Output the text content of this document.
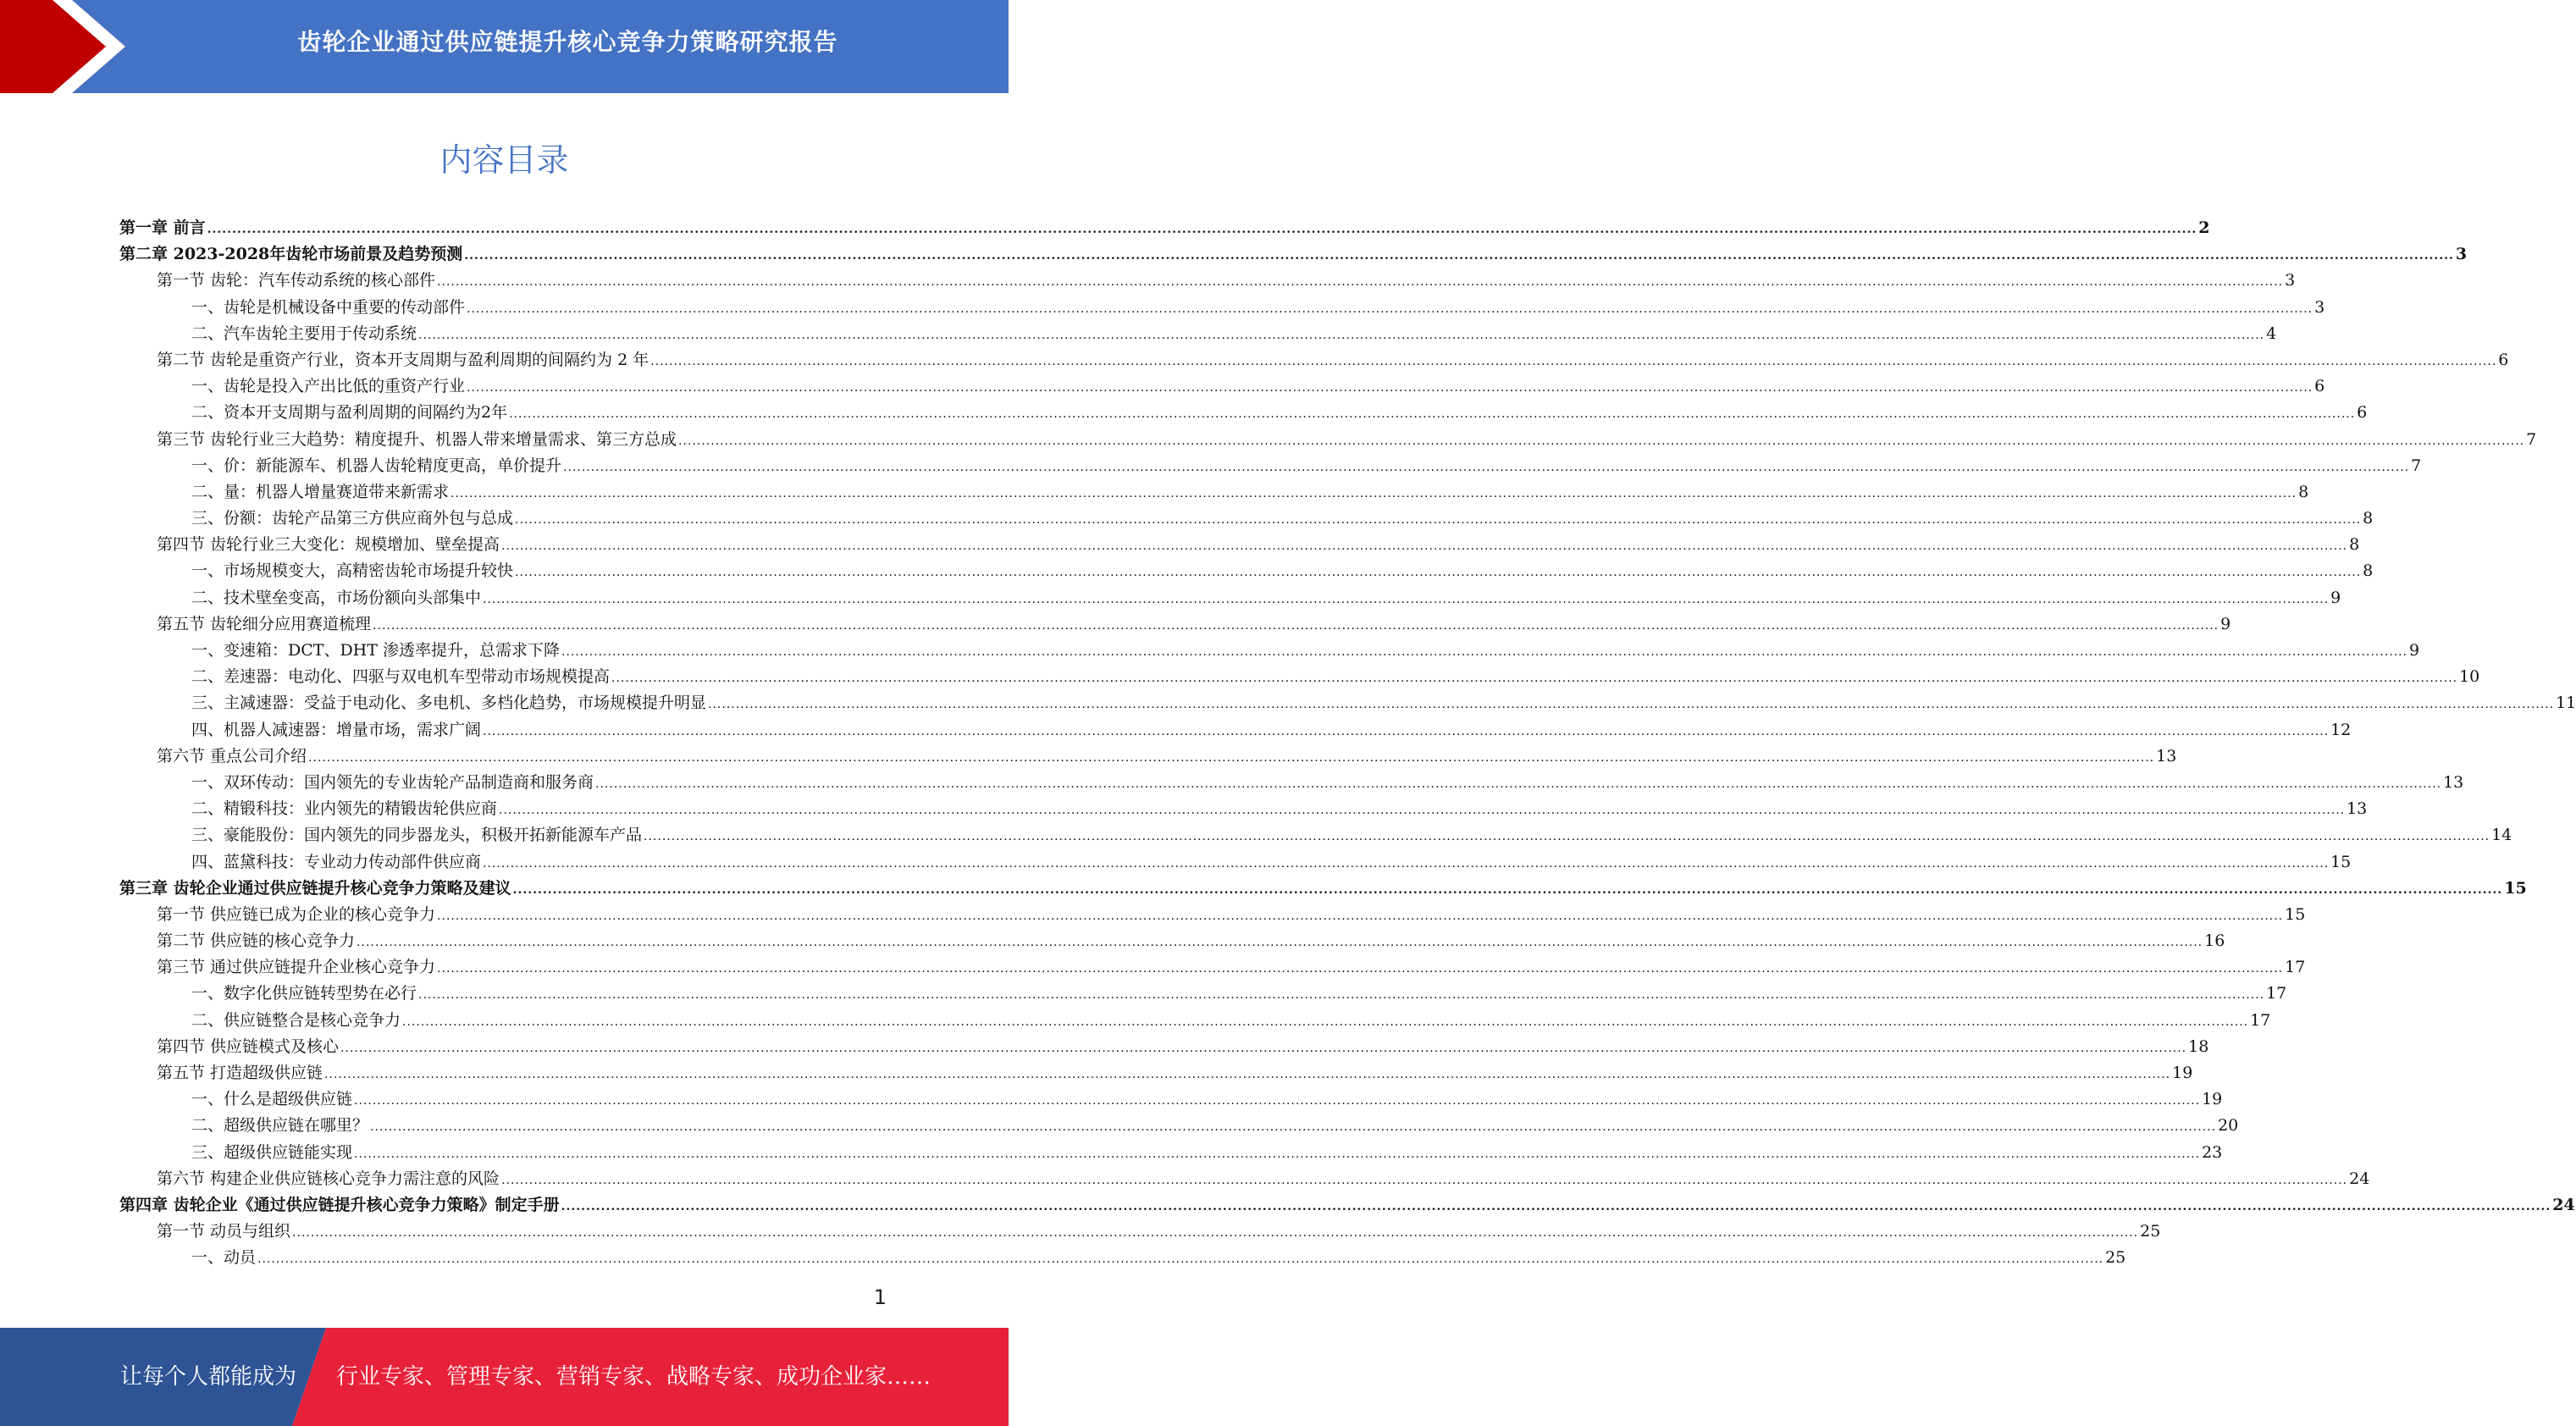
齿轮企业通过供应链提升核心竞争力策略研究报告
内容目录
第一章 前言 ................................................................................................................................................................................................................................................................................................................................................................................................................ 2
第二章 2023-2028年齿轮市场前景及趋势预测 ................................................................................................................................................................................................................................................................................................................................................................................................................ 3
第一节 齿轮：汽车传动系统的核心部件 ................................................................................................................................................................................................................................................................................................................................................................................................................ 3
一、齿轮是机械设备中重要的传动部件 ................................................................................................................................................................................................................................................................................................................................................................................................................ 3
二、汽车齿轮主要用于传动系统 ................................................................................................................................................................................................................................................................................................................................................................................................................ 4
第二节 齿轮是重资产行业，资本开支周期与盈利周期的间隔约为 2 年 ................................................................................................................................................................................................................................................................................................................................................................................................................ 6
一、齿轮是投入产出比低的重资产行业 ................................................................................................................................................................................................................................................................................................................................................................................................................ 6
二、资本开支周期与盈利周期的间隔约为2年 ................................................................................................................................................................................................................................................................................................................................................................................................................ 6
第三节 齿轮行业三大趋势：精度提升、机器人带来增量需求、第三方总成 ................................................................................................................................................................................................................................................................................................................................................................................................................ 7
一、价：新能源车、机器人齿轮精度更高，单价提升 ................................................................................................................................................................................................................................................................................................................................................................................................................ 7
二、量：机器人增量赛道带来新需求 ................................................................................................................................................................................................................................................................................................................................................................................................................ 8
三、份额：齿轮产品第三方供应商外包与总成 ................................................................................................................................................................................................................................................................................................................................................................................................................ 8
第四节 齿轮行业三大变化：规模增加、壁垒提高 ................................................................................................................................................................................................................................................................................................................................................................................................................ 8
一、市场规模变大，高精密齿轮市场提升较快 ................................................................................................................................................................................................................................................................................................................................................................................................................ 8
二、技术壁垒变高，市场份额向头部集中 ................................................................................................................................................................................................................................................................................................................................................................................................................ 9
第五节 齿轮细分应用赛道梳理 ................................................................................................................................................................................................................................................................................................................................................................................................................ 9
一、变速箱：DCT、DHT 渗透率提升，总需求下降 ................................................................................................................................................................................................................................................................................................................................................................................................................ 9
二、差速器：电动化、四驱与双电机车型带动市场规模提高 ................................................................................................................................................................................................................................................................................................................................................................................................................ 10
三、主减速器：受益于电动化、多电机、多档化趋势，市场规模提升明显 ................................................................................................................................................................................................................................................................................................................................................................................................................ 11
四、机器人减速器：增量市场，需求广阔 ................................................................................................................................................................................................................................................................................................................................................................................................................ 12
第六节 重点公司介绍 ................................................................................................................................................................................................................................................................................................................................................................................................................ 13
一、双环传动：国内领先的专业齿轮产品制造商和服务商 ................................................................................................................................................................................................................................................................................................................................................................................................................ 13
二、精锻科技：业内领先的精锻齿轮供应商 ................................................................................................................................................................................................................................................................................................................................................................................................................ 13
三、豪能股份：国内领先的同步器龙头，积极开拓新能源车产品 ................................................................................................................................................................................................................................................................................................................................................................................................................ 14
四、蓝黛科技：专业动力传动部件供应商 ................................................................................................................................................................................................................................................................................................................................................................................................................ 15
第三章 齿轮企业通过供应链提升核心竞争力策略及建议 ................................................................................................................................................................................................................................................................................................................................................................................................................ 15
第一节 供应链已成为企业的核心竞争力 ................................................................................................................................................................................................................................................................................................................................................................................................................ 15
第二节 供应链的核心竞争力 ................................................................................................................................................................................................................................................................................................................................................................................................................ 16
第三节 通过供应链提升企业核心竞争力 ................................................................................................................................................................................................................................................................................................................................................................................................................ 17
一、数字化供应链转型势在必行 ................................................................................................................................................................................................................................................................................................................................................................................................................ 17
二、供应链整合是核心竞争力 ................................................................................................................................................................................................................................................................................................................................................................................................................ 17
第四节 供应链模式及核心 ................................................................................................................................................................................................................................................................................................................................................................................................................ 18
第五节 打造超级供应链 ................................................................................................................................................................................................................................................................................................................................................................................................................ 19
一、什么是超级供应链 ................................................................................................................................................................................................................................................................................................................................................................................................................ 19
二、超级供应链在哪里？ ................................................................................................................................................................................................................................................................................................................................................................................................................ 20
三、超级供应链能实现 ................................................................................................................................................................................................................................................................................................................................................................................................................ 23
第六节 构建企业供应链核心竞争力需注意的风险 ................................................................................................................................................................................................................................................................................................................................................................................................................ 24
第四章 齿轮企业《通过供应链提升核心竞争力策略》制定手册 ................................................................................................................................................................................................................................................................................................................................................................................................................ 24
第一节 动员与组织 ................................................................................................................................................................................................................................................................................................................................................................................................................ 25
一、动员 ................................................................................................................................................................................................................................................................................................................................................................................................................ 25
1
让每个人都能成为 行业专家、管理专家、营销专家、战略专家、成功企业家……
